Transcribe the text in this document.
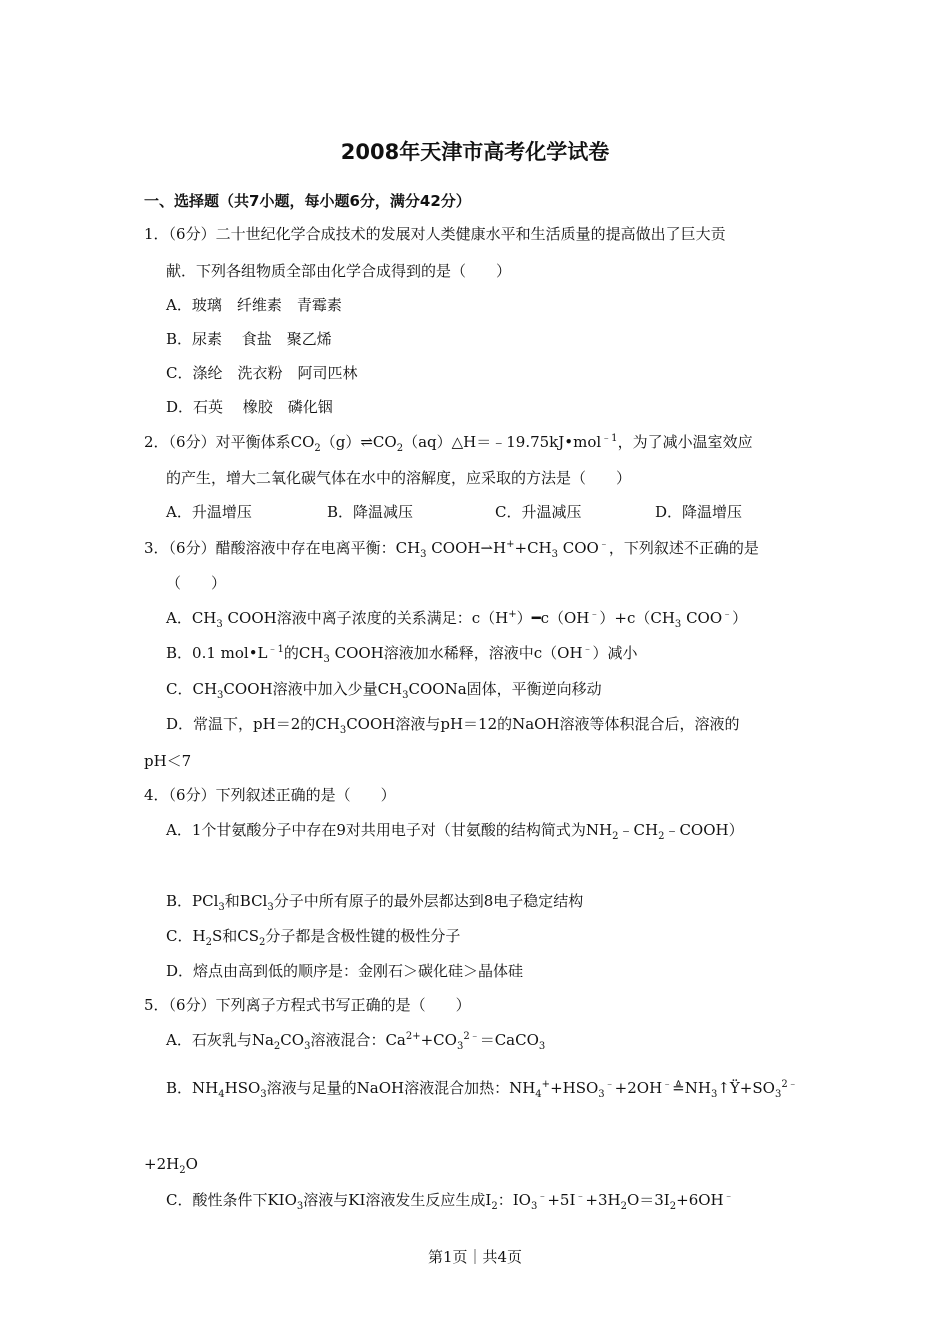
2008年天津市高考化学试卷
一、选择题（共7小题，每小题6分，满分42分）
1．（6分）二十世纪化学合成技术的发展对人类健康水平和生活质量的提高做出了巨大贡
献．下列各组物质全部由化学合成得到的是（　　）
A．玻璃　纤维素　青霉素
B．尿素　 食盐　聚乙烯
C．涤纶　洗衣粉　阿司匹林
D．石英　 橡胶　磷化铟
2．（6分）对平衡体系$CO_2(g)\rightleftharpoons CO_2(aq)\triangle H=﹣19.75kJ•mol^{﹣1}$，为了减小温室效应
的产生，增大二氧化碳气体在水中的溶解度，应采取的方法是（　　）
A．升温增压	B．降温减压	C．升温减压	D．降温增压
3．（6分）醋酸溶液中存在电离平衡：$CH_3$ $COOH⇀H^++CH_3$ COO﹣，下列叙述不正确的是
（　　）
A．$CH_3$ COOH溶液中离子浓度的关系满足：$c(H^+)━c(OH^﹣)+c(CH_3$ COO﹣）
B．0.1 $mol•L^{﹣1}$的$CH_3$ COOH溶液加水稀释，溶液中c（OH﹣）减小
C．$CH_3COOH$溶液中加入少量$CH_3COONa$固体，平衡逆向移动
D．常温下，pH＝2的$CH_3COOH$溶液与pH＝12的NaOH溶液等体积混合后，溶液的
pH＜7
4．（6分）下列叙述正确的是（　　）
A．1个甘氨酸分子中存在9对共用电子对（甘氨酸的结构简式为$NH_2﹣CH_2﹣COOH$）
B．PCl$_3$和BCl$_3$分子中所有原子的最外层都达到8电子稳定结构
C．$H_2S$和$CS_2$分子都是含极性键的极性分子
D．熔点由高到低的顺序是：金刚石＞碳化硅＞晶体硅
5．（6分）下列离子方程式书写正确的是（　　）
A．石灰乳与$Na_2CO_3$溶液混合：$Ca^{2+}+CO_3^{2﹣}=CaCO_3$
B．$NH_4HSO_3$溶液与足量的NaOH溶液混合加热：$NH_4^++HSO_3^﹣+2OH^﹣≜NH_3↑Ÿ+SO_3^{2﹣}$
$+2H_2O$
C．酸性条件下$KIO_3$溶液与KI溶液发生反应生成$I_2$：$IO_3^﹣+5I^﹣+3H_2O=3I_2+6OH^﹣$
第1页｜共4页
